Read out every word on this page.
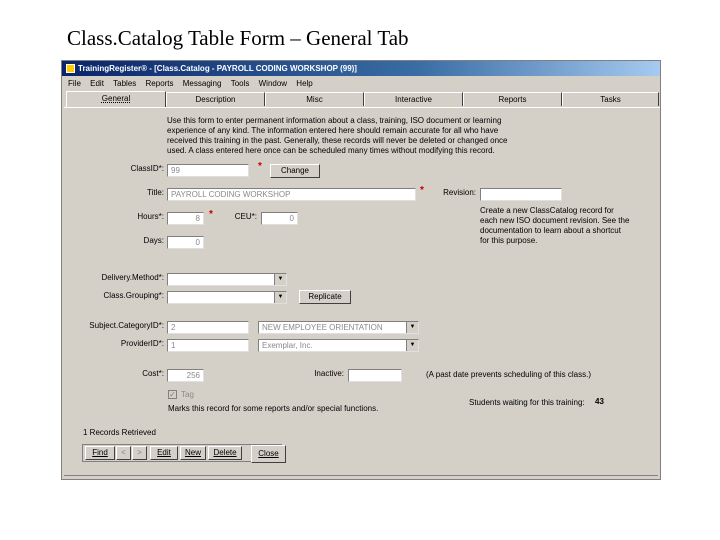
Class.Catalog Table Form – General Tab
TrainingRegister® - [Class.Catalog - PAYROLL CODING WORKSHOP (99)]
File Edit Tables Reports Messaging Tools Window Help
General	Description	Misc	Interactive	Reports	Tasks
Use this form to enter permanent information about a class, training, ISO document or learning experience of any kind. The information entered here should remain accurate for all who have received this training in the past. Generally, these records will never be deleted or changed once used. A class entered here once can be scheduled many times without modifying this record.
ClassID*: 99	*	Change
Title: PAYROLL CODING WORKSHOP	*	Revision:
Hours*:	8 *	CEU*:	0
Create a new ClassCatalog record for each new ISO document revision. See the documentation to learn about a shortcut for this purpose.
Days:	0
Delivery.Method*:	▼
Class.Grouping*:	▼	Replicate
Subject.CategoryID*: 2	NEW EMPLOYEE ORIENTATION	▼
ProviderID*: 1	Exemplar, Inc.	▼
Cost*:	256	Inactive:	(A past date prevents scheduling of this class.)
✓ Tag
Marks this record for some reports and/or special functions.
Students waiting for this training: 43
1 Records Retrieved
Find	<	>	Edit	New	Delete	Close
